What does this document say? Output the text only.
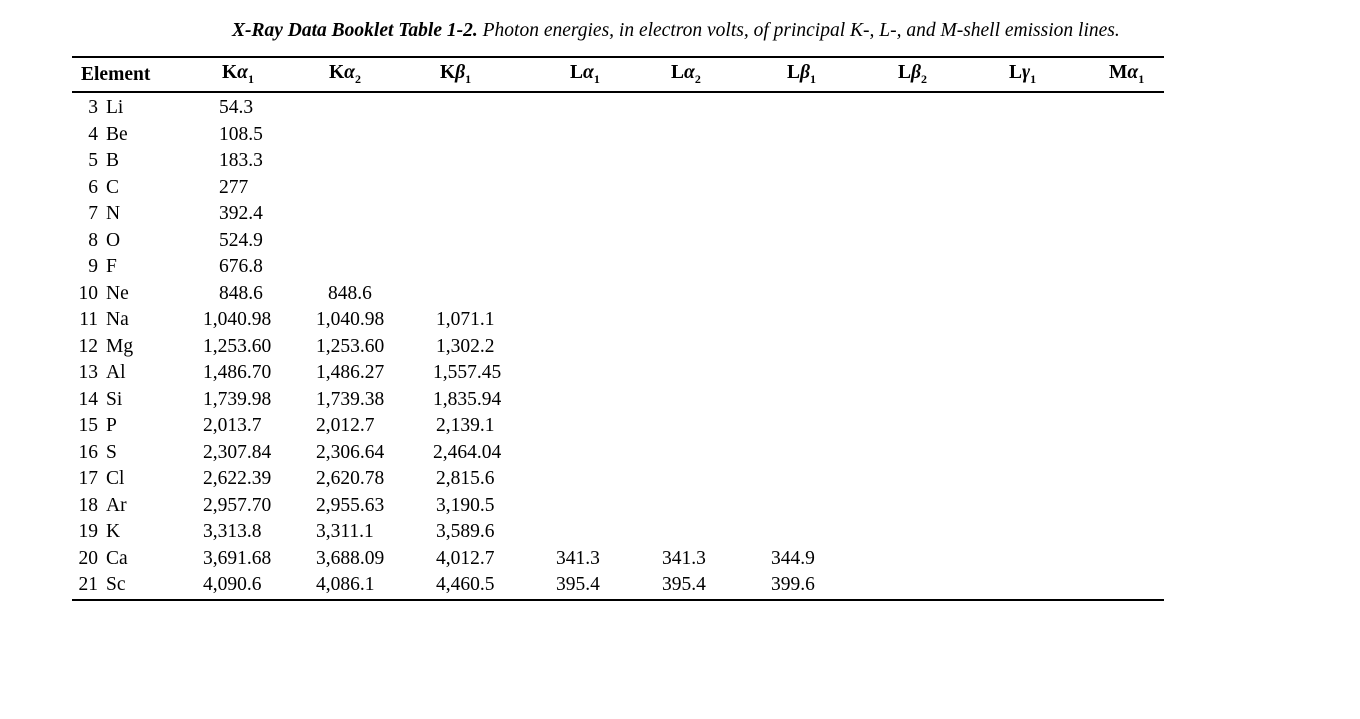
X-Ray Data Booklet Table 1-2. Photon energies, in electron volts, of principal K-, L-, and M-shell emission lines.
Element	$K\alpha_1$	$K\alpha_2$	$K\beta_1$	$L\alpha_1$	$L\alpha_2$	$L\beta_1$	$L\beta_2$	$L\gamma_1$	$M\alpha_1$
3 Li	54.3								
4 Be	108.5								
5 B	183.3								
6 C	277								
7 N	392.4								
8 O	524.9								
9 F	676.8								
10 Ne	848.6	848.6							
11 Na	1,040.98	1,040.98	1,071.1						
12 Mg	1,253.60	1,253.60	1,302.2						
13 Al	1,486.70	1,486.27	1,557.45						
14 Si	1,739.98	1,739.38	1,835.94						
15 P	2,013.7	2,012.7	2,139.1						
16 S	2,307.84	2,306.64	2,464.04						
17 Cl	2,622.39	2,620.78	2,815.6						
18 Ar	2,957.70	2,955.63	3,190.5						
19 K	3,313.8	3,311.1	3,589.6						
20 Ca	3,691.68	3,688.09	4,012.7	341.3	341.3	344.9			
21 Sc	4,090.6	4,086.1	4,460.5	395.4	395.4	399.6			
